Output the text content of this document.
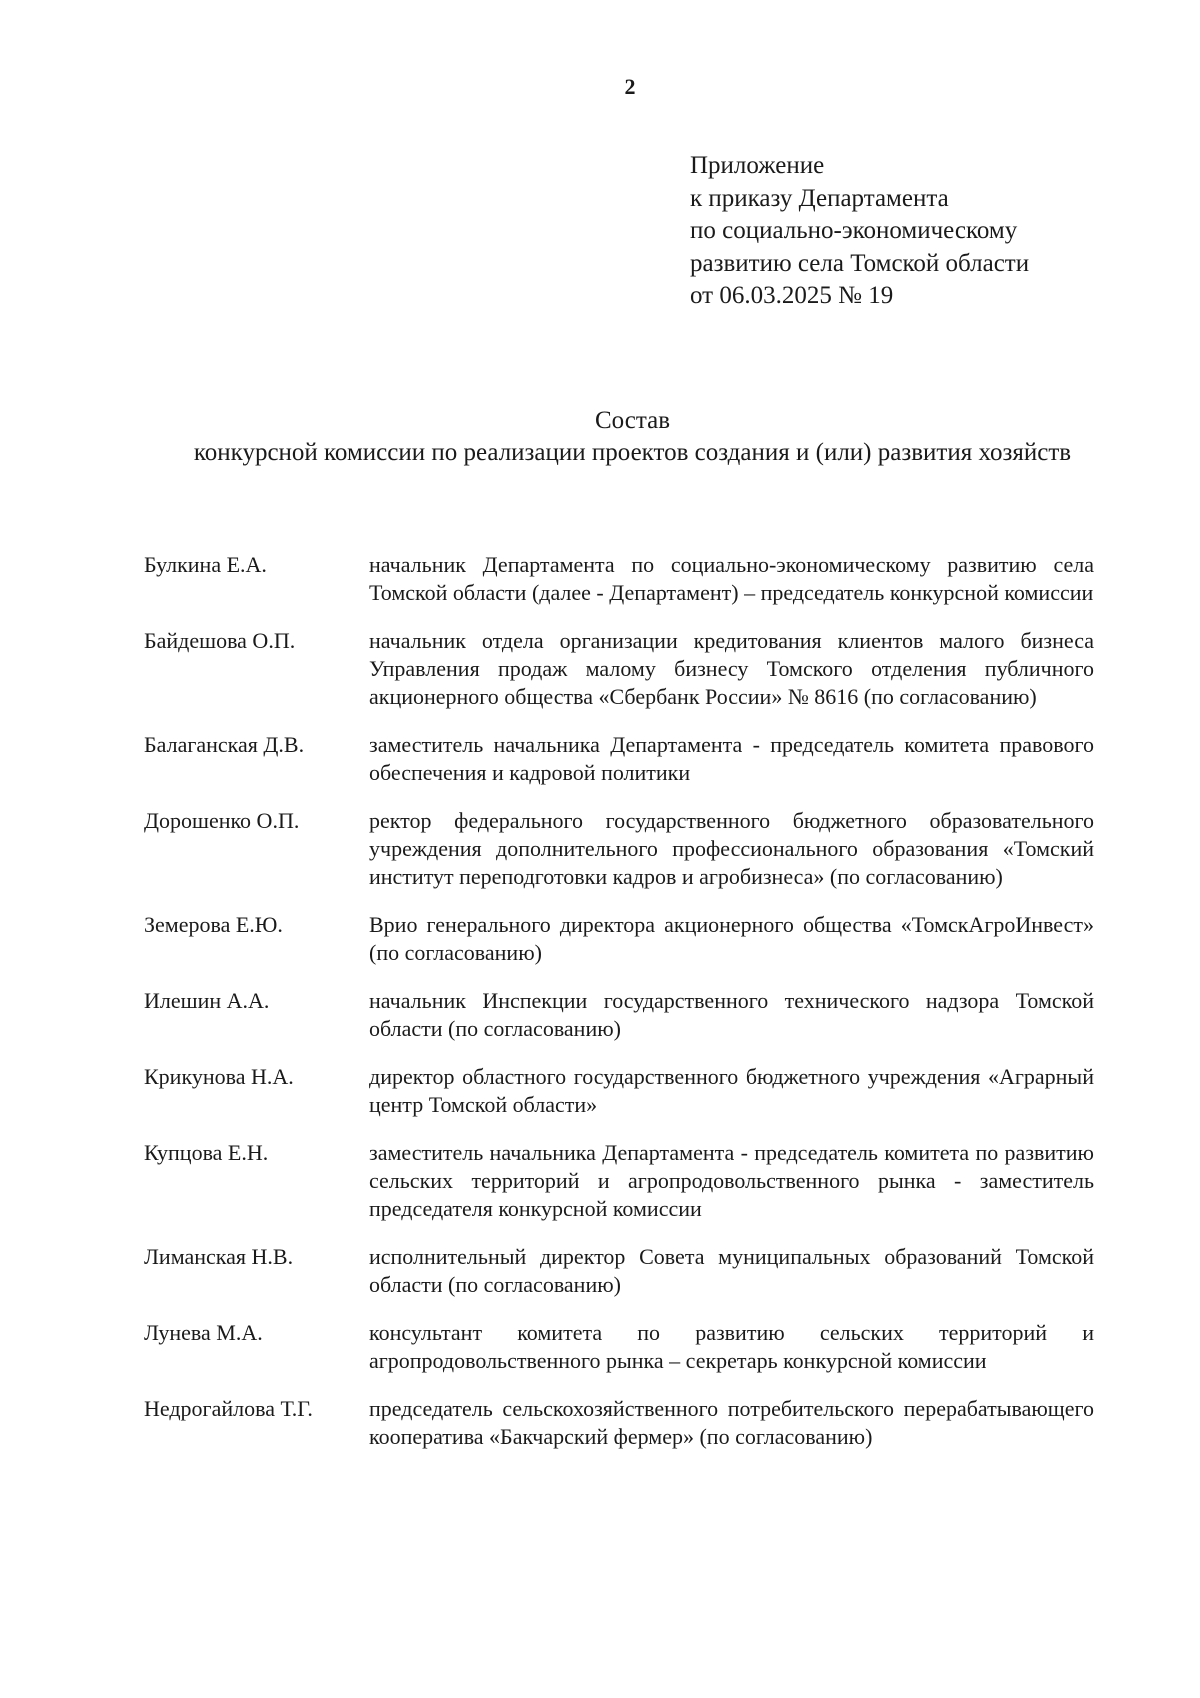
2
Приложение
к приказу Департамента
по социально-экономическому
развитию села Томской области
от 06.03.2025 № 19
Состав
конкурсной комиссии по реализации проектов создания и (или) развития хозяйств
Булкина Е.А.	начальник Департамента по социально-экономическому развитию села Томской области (далее - Департамент) – председатель конкурсной комиссии
Байдешова О.П.	начальник отдела организации кредитования клиентов малого бизнеса Управления продаж малому бизнесу Томского отделения публичного акционерного общества «Сбербанк России» № 8616 (по согласованию)
Балаганская Д.В.	заместитель начальника Департамента - председатель комитета правового обеспечения и кадровой политики
Дорошенко О.П.	ректор федерального государственного бюджетного образовательного учреждения дополнительного профессионального образования «Томский институт переподготовки кадров и агробизнеса» (по согласованию)
Земерова Е.Ю.	Врио генерального директора акционерного общества «ТомскАгроИнвест» (по согласованию)
Илешин А.А.	начальник Инспекции государственного технического надзора Томской области (по согласованию)
Крикунова Н.А.	директор областного государственного бюджетного учреждения «Аграрный центр Томской области»
Купцова Е.Н.	заместитель начальника Департамента - председатель комитета по развитию сельских территорий и агропродовольственного рынка - заместитель председателя конкурсной комиссии
Лиманская Н.В.	исполнительный директор Совета муниципальных образований Томской области (по согласованию)
Лунева М.А.	консультант комитета по развитию сельских территорий и агропродовольственного рынка – секретарь конкурсной комиссии
Недрогайлова Т.Г.	председатель сельскохозяйственного потребительского перерабатывающего кооператива «Бакчарский фермер» (по согласованию)
